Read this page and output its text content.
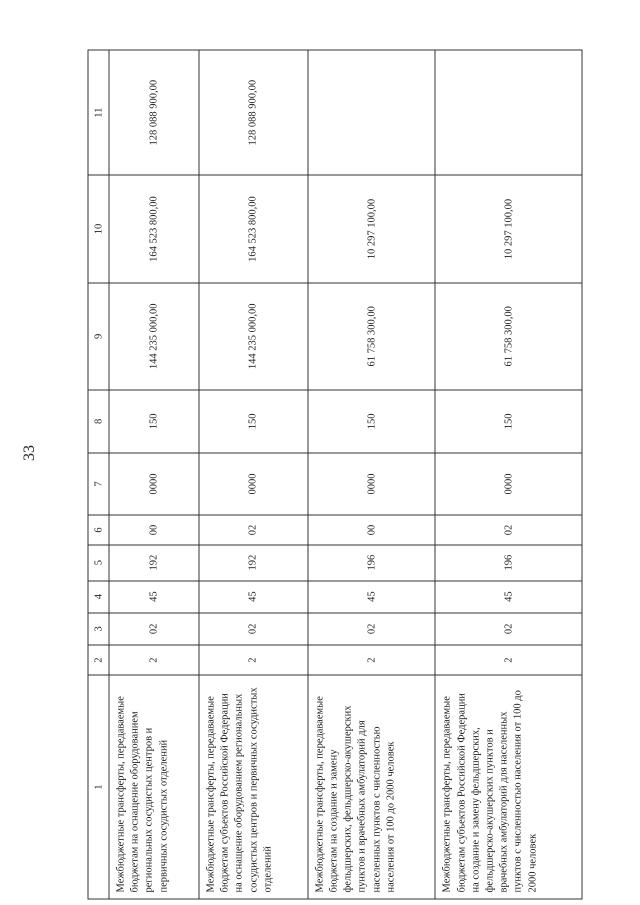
33
1	2	3	4	5	6	7	8	9	10	11
Межбюджетные трансферты, передаваемые бюджетам на оснащение оборудованием региональных сосудистых центров и первичных сосудистых отделений	2	02	45	192	00	0000	150	144 235 000,00	164 523 800,00	128 088 900,00
Межбюджетные трансферты, передаваемые бюджетам субъектов Российской Федерации на оснащение оборудованием региональных сосудистых центров и первичных сосудистых отделений	2	02	45	192	02	0000	150	144 235 000,00	164 523 800,00	128 088 900,00
Межбюджетные трансферты, передаваемые бюджетам на создание и замену фельдшерских, фельдшерско-акушерских пунктов и врачебных амбулаторий для населенных пунктов с численностью населения от 100 до 2000 человек	2	02	45	196	00	0000	150	61 758 300,00	10 297 100,00	
Межбюджетные трансферты, передаваемые бюджетам субъектов Российской Федерации на создание и замену фельдшерских, фельдшерско-акушерских пунктов и врачебных амбулаторий для населенных пунктов с численностью населения от 100 до 2000 человек	2	02	45	196	02	0000	150	61 758 300,00	10 297 100,00	
